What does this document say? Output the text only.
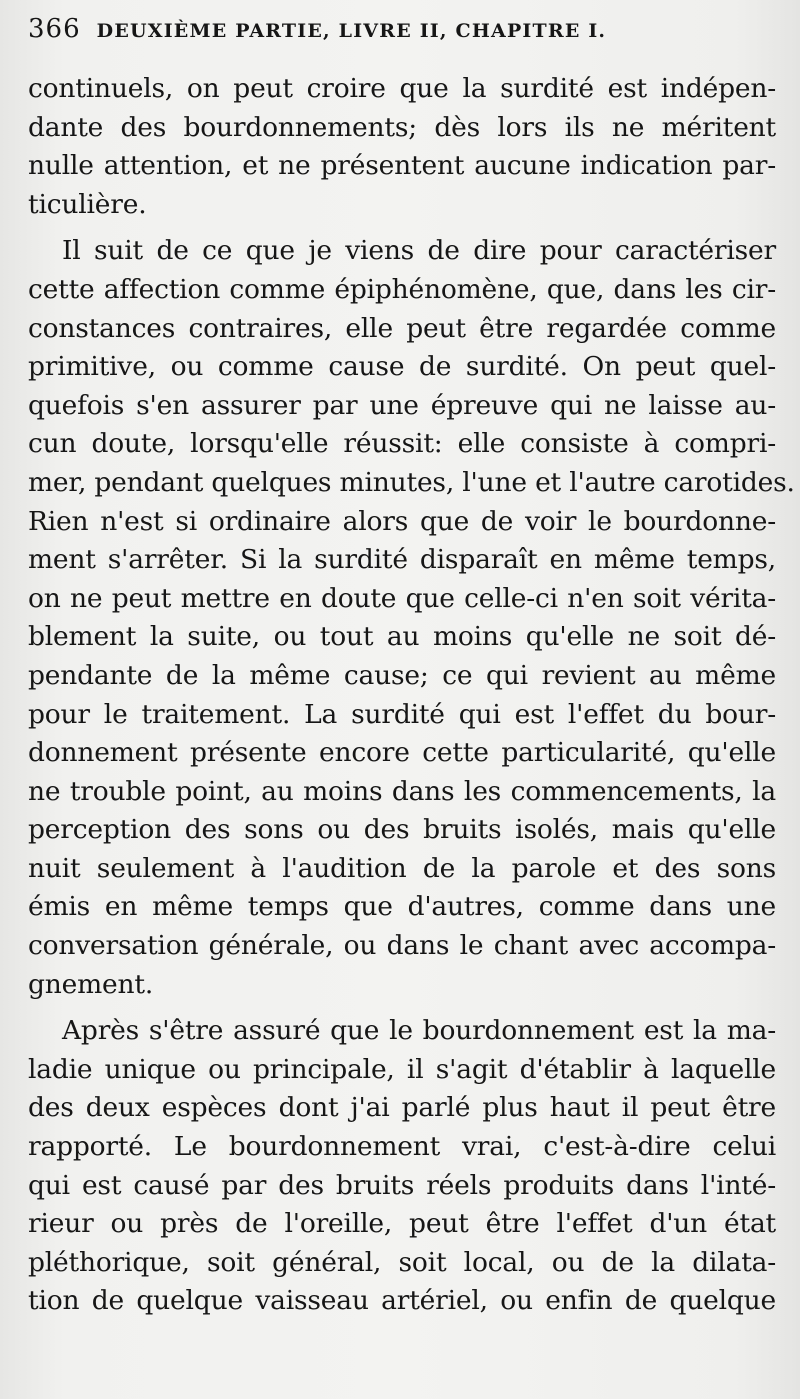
366 DEUXIÈME PARTIE, LIVRE II, CHAPITRE I.
continuels, on peut croire que la surdité est indépen-
dante des bourdonnements; dès lors ils ne méritent
nulle attention, et ne présentent aucune indication par-
ticulière.
Il suit de ce que je viens de dire pour caractériser
cette affection comme épiphénomène, que, dans les cir-
constances contraires, elle peut être regardée comme
primitive, ou comme cause de surdité. On peut quel-
quefois s'en assurer par une épreuve qui ne laisse au-
cun doute, lorsqu'elle réussit: elle consiste à compri-
mer, pendant quelques minutes, l'une et l'autre carotides.
Rien n'est si ordinaire alors que de voir le bourdonne-
ment s'arrêter. Si la surdité disparaît en même temps,
on ne peut mettre en doute que celle-ci n'en soit vérita-
blement la suite, ou tout au moins qu'elle ne soit dé-
pendante de la même cause; ce qui revient au même
pour le traitement. La surdité qui est l'effet du bour-
donnement présente encore cette particularité, qu'elle
ne trouble point, au moins dans les commencements, la
perception des sons ou des bruits isolés, mais qu'elle
nuit seulement à l'audition de la parole et des sons
émis en même temps que d'autres, comme dans une
conversation générale, ou dans le chant avec accompa-
gnement.
Après s'être assuré que le bourdonnement est la ma-
ladie unique ou principale, il s'agit d'établir à laquelle
des deux espèces dont j'ai parlé plus haut il peut être
rapporté. Le bourdonnement vrai, c'est-à-dire celui
qui est causé par des bruits réels produits dans l'inté-
rieur ou près de l'oreille, peut être l'effet d'un état
pléthorique, soit général, soit local, ou de la dilata-
tion de quelque vaisseau artériel, ou enfin de quelque
